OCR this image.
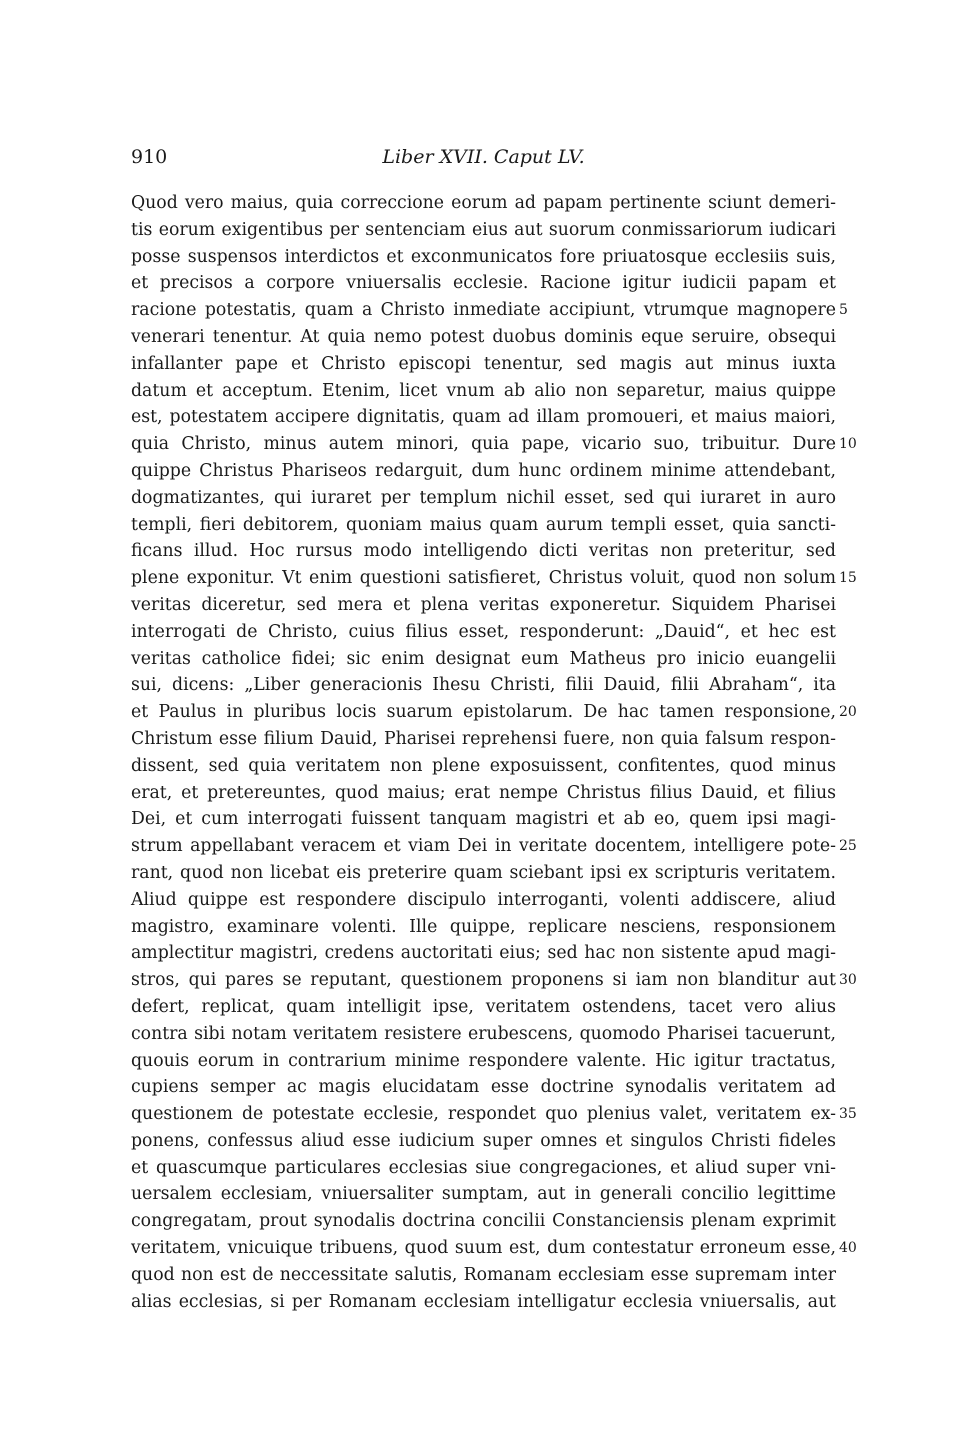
910	Liber XVII. Caput LV.
Quod vero maius, quia correccione eorum ad papam pertinente sciunt demeri-
tis eorum exigentibus per sentenciam eius aut suorum conmissariorum iudicari
posse suspensos interdictos et exconmunicatos fore priuatosque ecclesiis suis,
et precisos a corpore vniuersalis ecclesie. Racione igitur iudicii papam et
racione potestatis, quam a Christo inmediate accipiunt, vtrumque magnopere
venerari tenentur. At quia nemo potest duobus dominis eque seruire, obsequi
infallanter pape et Christo episcopi tenentur, sed magis aut minus iuxta
datum et acceptum. Etenim, licet vnum ab alio non separetur, maius quippe
est, potestatem accipere dignitatis, quam ad illam promoueri, et maius maiori,
quia Christo, minus autem minori, quia pape, vicario suo, tribuitur. Dure
quippe Christus Phariseos redarguit, dum hunc ordinem minime attendebant,
dogmatizantes, qui iuraret per templum nichil esset, sed qui iuraret in auro
templi, fieri debitorem, quoniam maius quam aurum templi esset, quia sancti-
ficans illud. Hoc rursus modo intelligendo dicti veritas non preteritur, sed
plene exponitur. Vt enim questioni satisfieret, Christus voluit, quod non solum
veritas diceretur, sed mera et plena veritas exponeretur. Siquidem Pharisei
interrogati de Christo, cuius filius esset, responderunt: „Dauid“, et hec est
veritas catholice fidei; sic enim designat eum Matheus pro inicio euangelii
sui, dicens: „Liber generacionis Ihesu Christi, filii Dauid, filii Abraham“, ita
et Paulus in pluribus locis suarum epistolarum. De hac tamen responsione,
Christum esse filium Dauid, Pharisei reprehensi fuere, non quia falsum respon-
dissent, sed quia veritatem non plene exposuissent, confitentes, quod minus
erat, et pretereuntes, quod maius; erat nempe Christus filius Dauid, et filius
Dei, et cum interrogati fuissent tanquam magistri et ab eo, quem ipsi magi-
strum appellabant veracem et viam Dei in veritate docentem, intelligere pote-
rant, quod non licebat eis preterire quam sciebant ipsi ex scripturis veritatem.
Aliud quippe est respondere discipulo interroganti, volenti addiscere, aliud
magistro, examinare volenti. Ille quippe, replicare nesciens, responsionem
amplectitur magistri, credens auctoritati eius; sed hac non sistente apud magi-
stros, qui pares se reputant, questionem proponens si iam non blanditur aut
defert, replicat, quam intelligit ipse, veritatem ostendens, tacet vero alius
contra sibi notam veritatem resistere erubescens, quomodo Pharisei tacuerunt,
quouis eorum in contrarium minime respondere valente. Hic igitur tractatus,
cupiens semper ac magis elucidatam esse doctrine synodalis veritatem ad
questionem de potestate ecclesie, respondet quo plenius valet, veritatem ex-
ponens, confessus aliud esse iudicium super omnes et singulos Christi fideles
et quascumque particulares ecclesias siue congregaciones, et aliud super vni-
uersalem ecclesiam, vniuersaliter sumptam, aut in generali concilio legittime
congregatam, prout synodalis doctrina concilii Constanciensis plenam exprimit
veritatem, vnicuique tribuens, quod suum est, dum contestatur erroneum esse,
quod non est de neccessitate salutis, Romanam ecclesiam esse supremam inter
alias ecclesias, si per Romanam ecclesiam intelligatur ecclesia vniuersalis, aut
5
10
15
20
25
30
35
40
